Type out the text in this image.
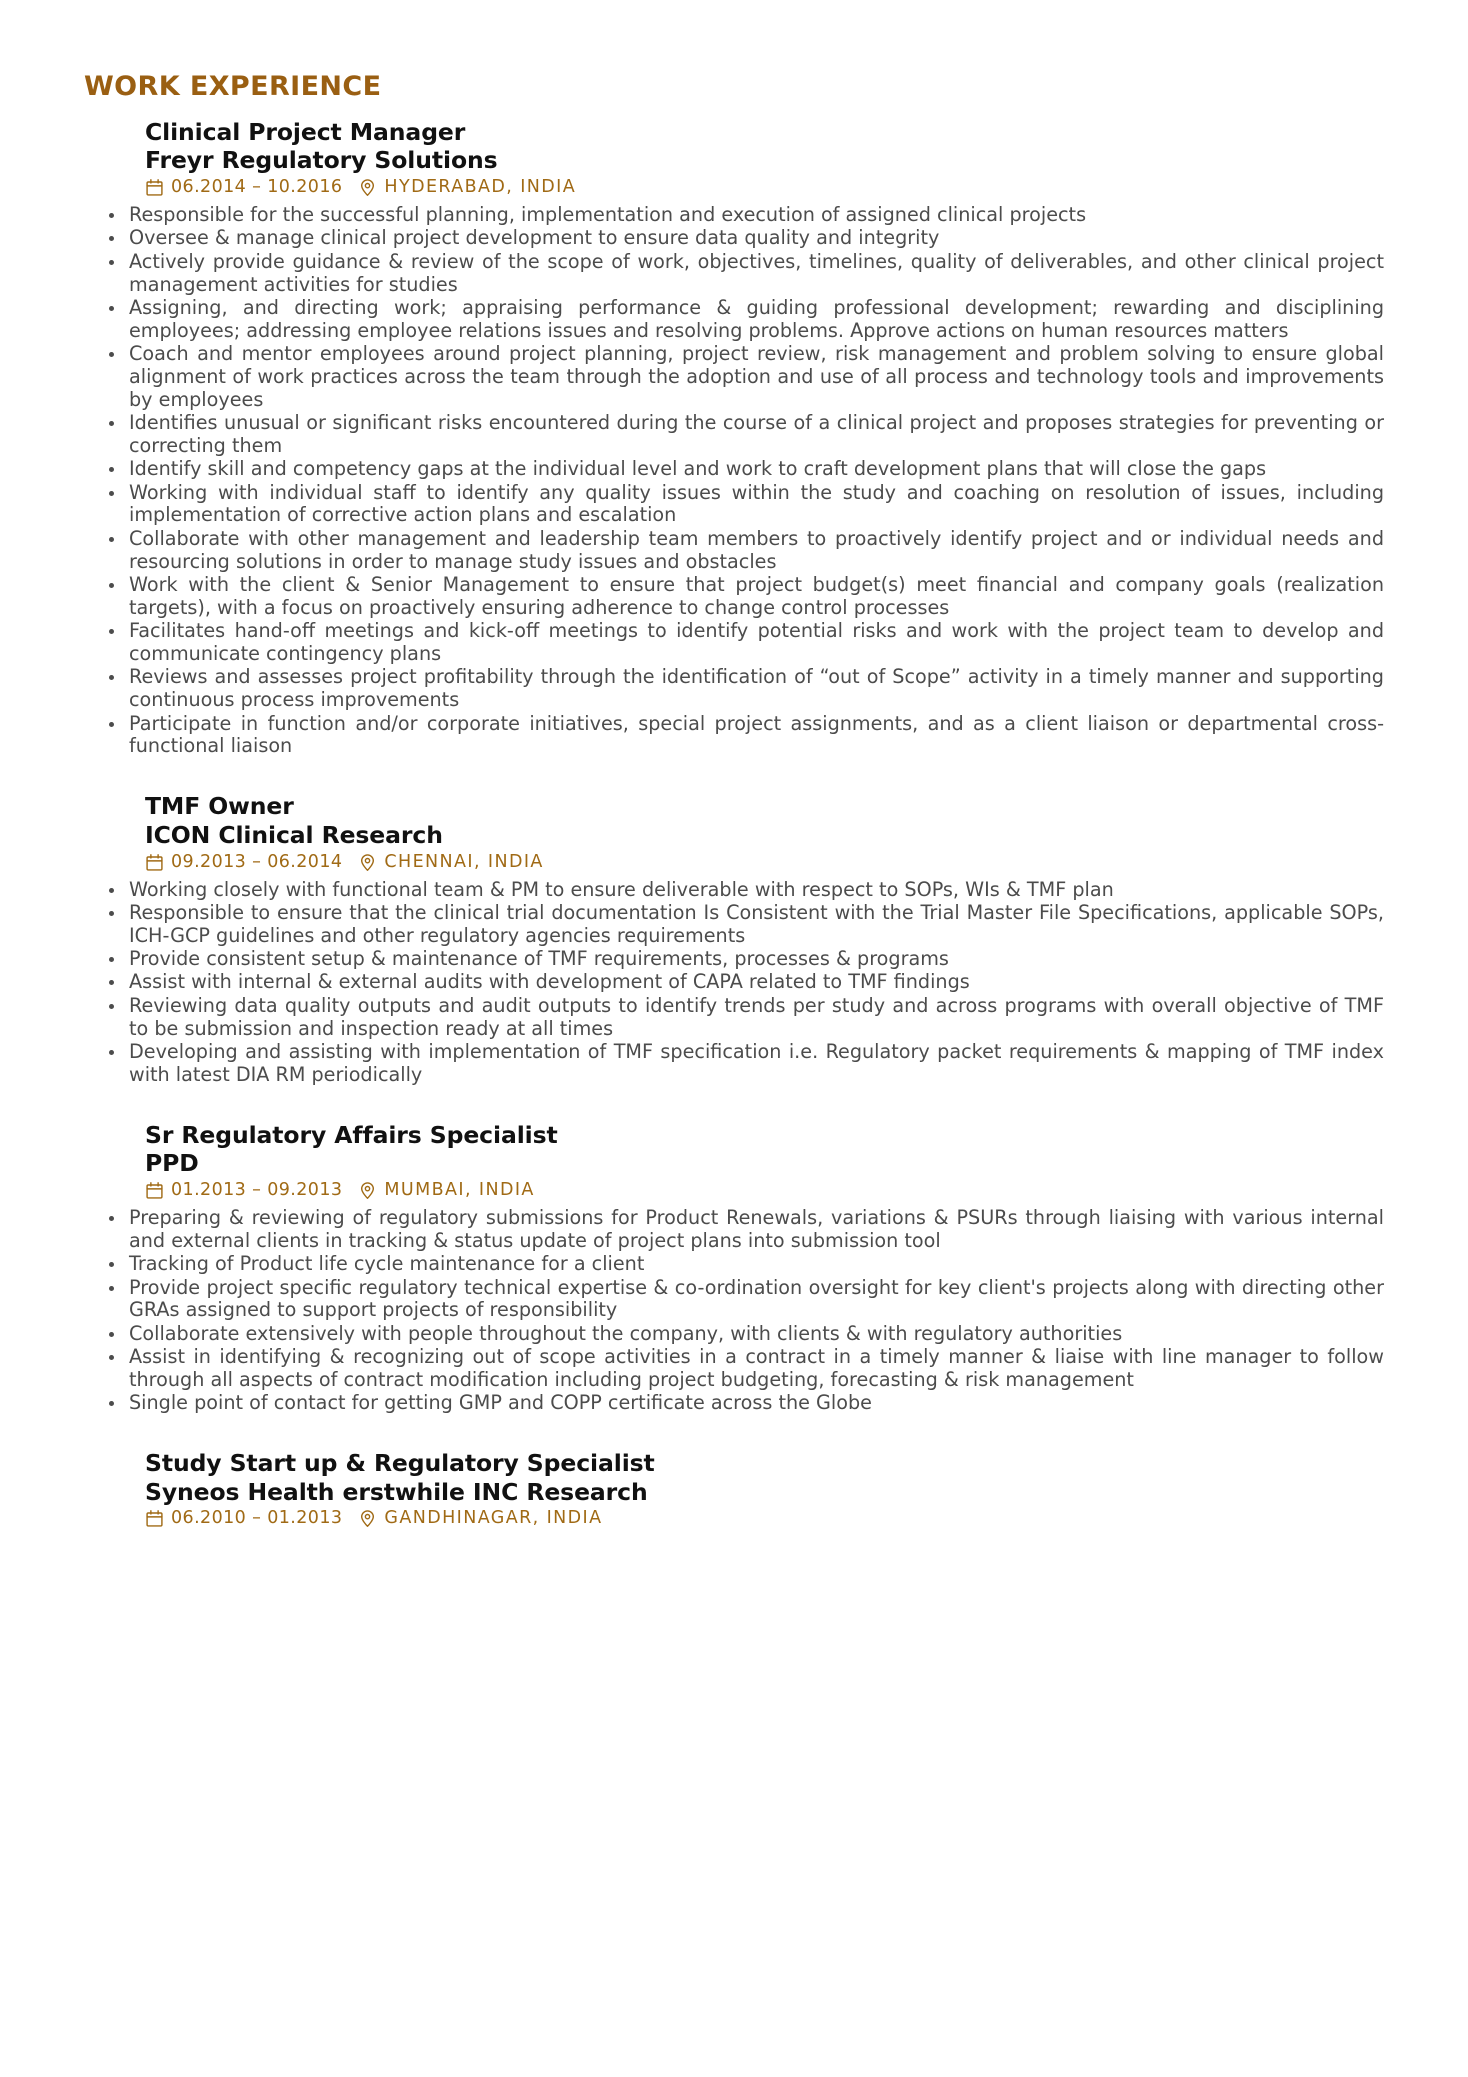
WORK EXPERIENCE
Clinical Project Manager
Freyr Regulatory Solutions
06.2014 – 10.2016 HYDERABAD, INDIA
Responsible for the successful planning, implementation and execution of assigned clinical projects
Oversee & manage clinical project development to ensure data quality and integrity
Actively provide guidance & review of the scope of work, objectives, timelines, quality of deliverables, and other clinical project management activities for studies
Assigning, and directing work; appraising performance & guiding professional development; rewarding and disciplining employees; addressing employee relations issues and resolving problems. Approve actions on human resources matters
Coach and mentor employees around project planning, project review, risk management and problem solving to ensure global alignment of work practices across the team through the adoption and use of all process and technology tools and improvements by employees
Identifies unusual or significant risks encountered during the course of a clinical project and proposes strategies for preventing or correcting them
Identify skill and competency gaps at the individual level and work to craft development plans that will close the gaps
Working with individual staff to identify any quality issues within the study and coaching on resolution of issues, including implementation of corrective action plans and escalation
Collaborate with other management and leadership team members to proactively identify project and or individual needs and resourcing solutions in order to manage study issues and obstacles
Work with the client & Senior Management to ensure that project budget(s) meet financial and company goals (realization targets), with a focus on proactively ensuring adherence to change control processes
Facilitates hand-off meetings and kick-off meetings to identify potential risks and work with the project team to develop and communicate contingency plans
Reviews and assesses project profitability through the identification of “out of Scope” activity in a timely manner and supporting continuous process improvements
Participate in function and/or corporate initiatives, special project assignments, and as a client liaison or departmental cross-functional liaison
TMF Owner
ICON Clinical Research
09.2013 – 06.2014 CHENNAI, INDIA
Working closely with functional team & PM to ensure deliverable with respect to SOPs, WIs & TMF plan
Responsible to ensure that the clinical trial documentation Is Consistent with the Trial Master File Specifications, applicable SOPs, ICH-GCP guidelines and other regulatory agencies requirements
Provide consistent setup & maintenance of TMF requirements, processes & programs
Assist with internal & external audits with development of CAPA related to TMF findings
Reviewing data quality outputs and audit outputs to identify trends per study and across programs with overall objective of TMF to be submission and inspection ready at all times
Developing and assisting with implementation of TMF specification i.e. Regulatory packet requirements & mapping of TMF index with latest DIA RM periodically
Sr Regulatory Affairs Specialist
PPD
01.2013 – 09.2013 MUMBAI, INDIA
Preparing & reviewing of regulatory submissions for Product Renewals, variations & PSURs through liaising with various internal and external clients in tracking & status update of project plans into submission tool
Tracking of Product life cycle maintenance for a client
Provide project specific regulatory technical expertise & co-ordination oversight for key client's projects along with directing other GRAs assigned to support projects of responsibility
Collaborate extensively with people throughout the company, with clients & with regulatory authorities
Assist in identifying & recognizing out of scope activities in a contract in a timely manner & liaise with line manager to follow through all aspects of contract modification including project budgeting, forecasting & risk management
Single point of contact for getting GMP and COPP certificate across the Globe
Study Start up & Regulatory Specialist
Syneos Health erstwhile INC Research
06.2010 – 01.2013 GANDHINAGAR, INDIA
